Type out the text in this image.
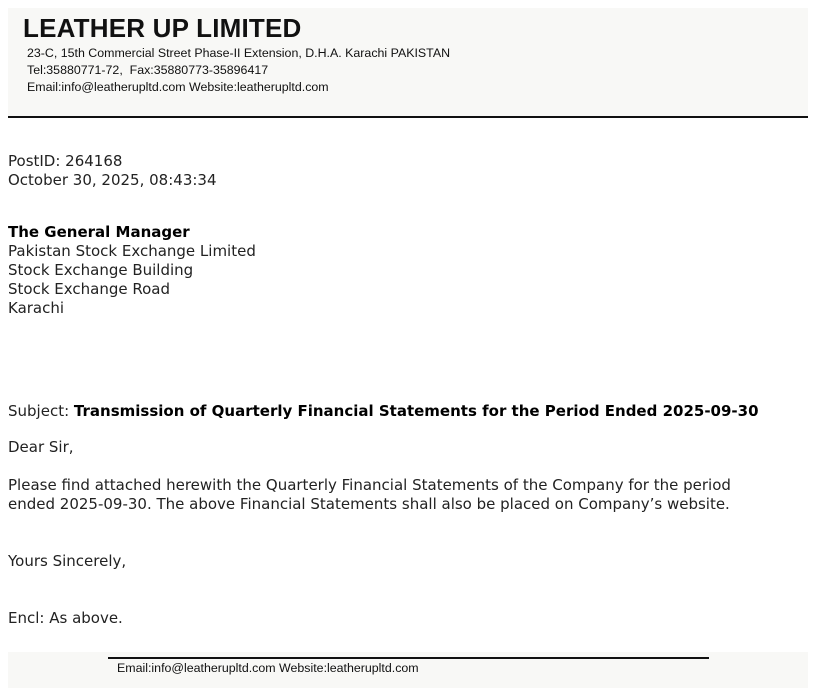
LEATHER UP LIMITED
23-C, 15th Commercial Street Phase-II Extension, D.H.A. Karachi PAKISTAN
Tel:35880771-72,  Fax:35880773-35896417
Email:info@leatherupltd.com Website:leatherupltd.com
PostID: 264168
October 30, 2025, 08:43:34
The General Manager
Pakistan Stock Exchange Limited
Stock Exchange Building
Stock Exchange Road
Karachi
Subject: Transmission of Quarterly Financial Statements for the Period Ended 2025-09-30
Dear Sir,
Please find attached herewith the Quarterly Financial Statements of the Company for the period
ended 2025-09-30. The above Financial Statements shall also be placed on Company’s website.
Yours Sincerely,
Encl: As above.
Email:info@leatherupltd.com Website:leatherupltd.com
